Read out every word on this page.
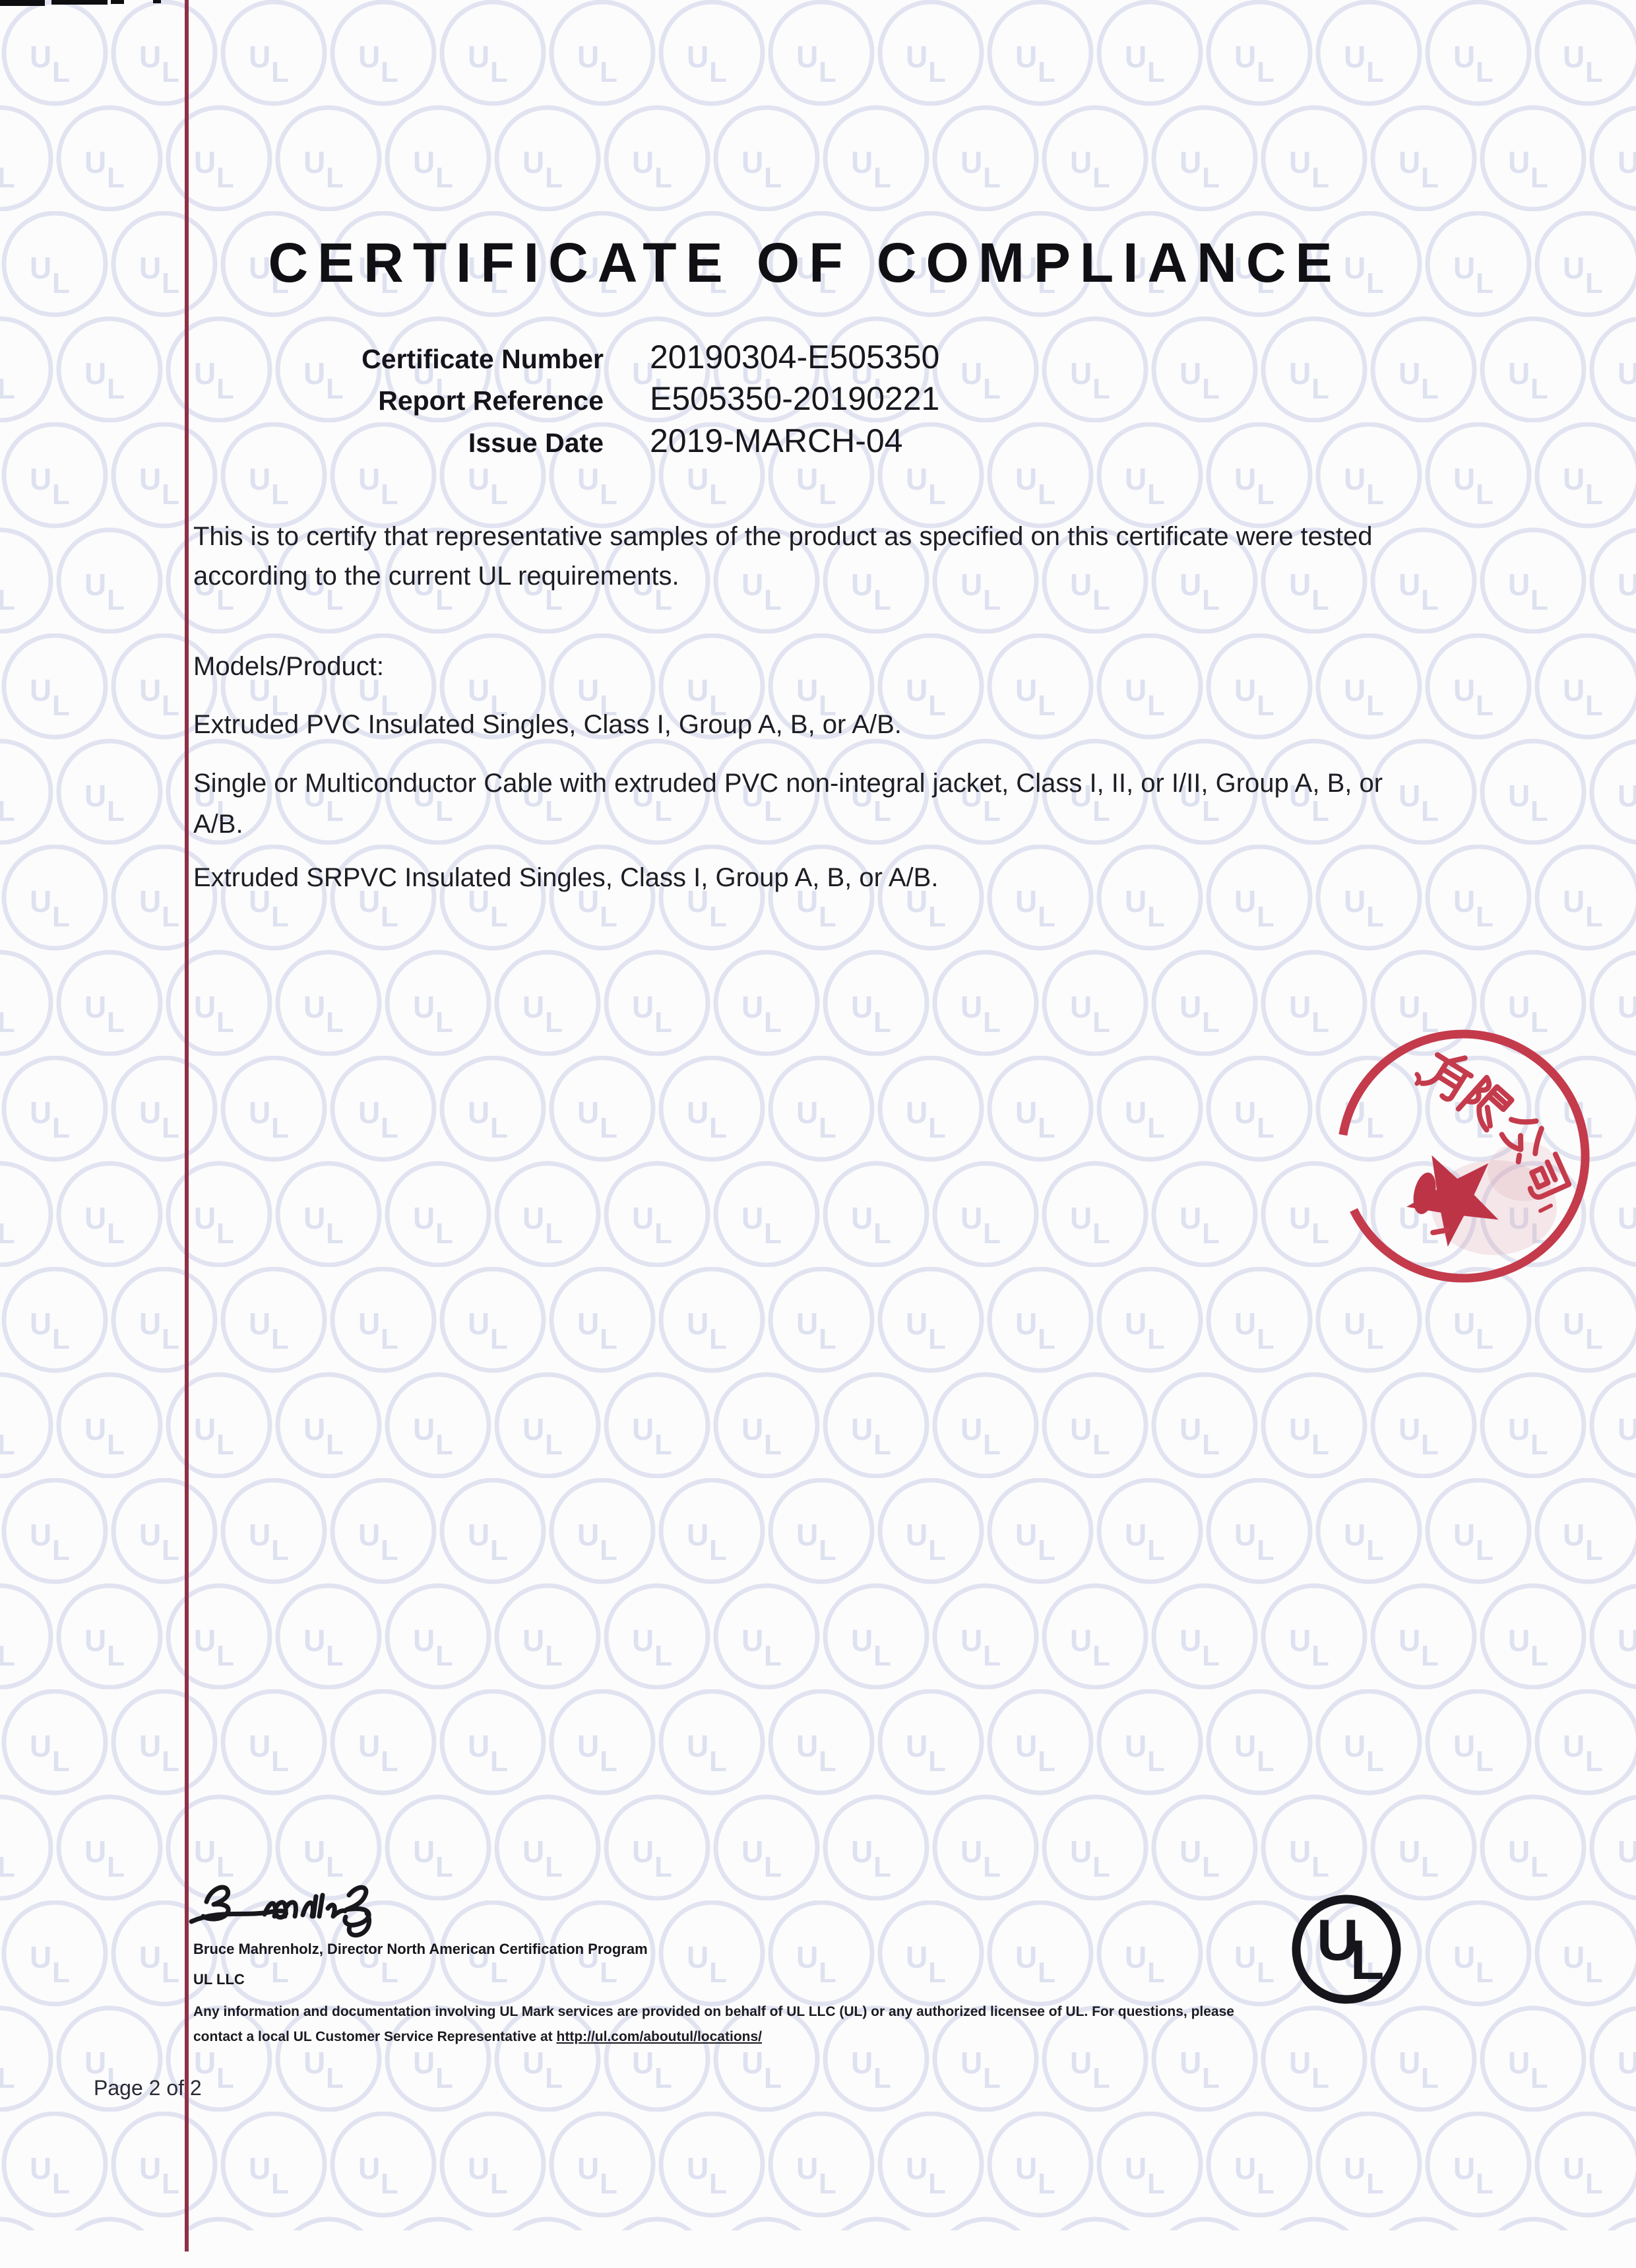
CERTIFICATE OF COMPLIANCE
Certificate Number 20190304-E505350
Report Reference E505350-20190221
Issue Date 2019-MARCH-04
This is to certify that representative samples of the product as specified on this certificate were tested according to the current UL requirements.
Models/Product:
Extruded PVC Insulated Singles, Class I, Group A, B, or A/B.
Single or Multiconductor Cable with extruded PVC non-integral jacket, Class I, II, or I/II, Group A, B, or A/B.
Extruded SRPVC Insulated Singles, Class I, Group A, B, or A/B.
Bruce Mahrenholz, Director North American Certification Program
UL LLC
Any information and documentation involving UL Mark services are provided on behalf of UL LLC (UL) or any authorized licensee of UL. For questions, please
contact a local UL Customer Service Representative at http://ul.com/aboutul/locations/
U
L
Page 2 of 2
